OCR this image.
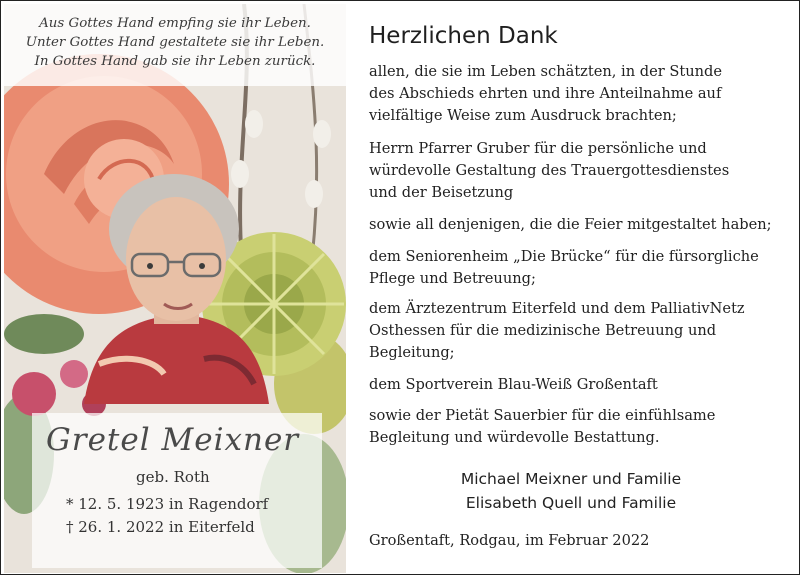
Aus Gottes Hand empfing sie ihr Leben.
Unter Gottes Hand gestaltete sie ihr Leben.
In Gottes Hand gab sie ihr Leben zurück.
Gretel Meixner
geb. Roth
* 12. 5. 1923 in Ragendorf
† 26. 1. 2022 in Eiterfeld
Herzlichen Dank
allen, die sie im Leben schätzten, in der Stunde
des Abschieds ehrten und ihre Anteilnahme auf
vielfältige Weise zum Ausdruck brachten;
Herrn Pfarrer Gruber für die persönliche und
würdevolle Gestaltung des Trauergottesdienstes
und der Beisetzung
sowie all denjenigen, die die Feier mitgestaltet haben;
dem Seniorenheim „Die Brücke“ für die fürsorgliche
Pflege und Betreuung;
dem Ärztezentrum Eiterfeld und dem PalliativNetz
Osthessen für die medizinische Betreuung und
Begleitung;
dem Sportverein Blau-Weiß Großentaft
sowie der Pietät Sauerbier für die einfühlsame
Begleitung und würdevolle Bestattung.
Michael Meixner und Familie
Elisabeth Quell und Familie
Großentaft, Rodgau, im Februar 2022
